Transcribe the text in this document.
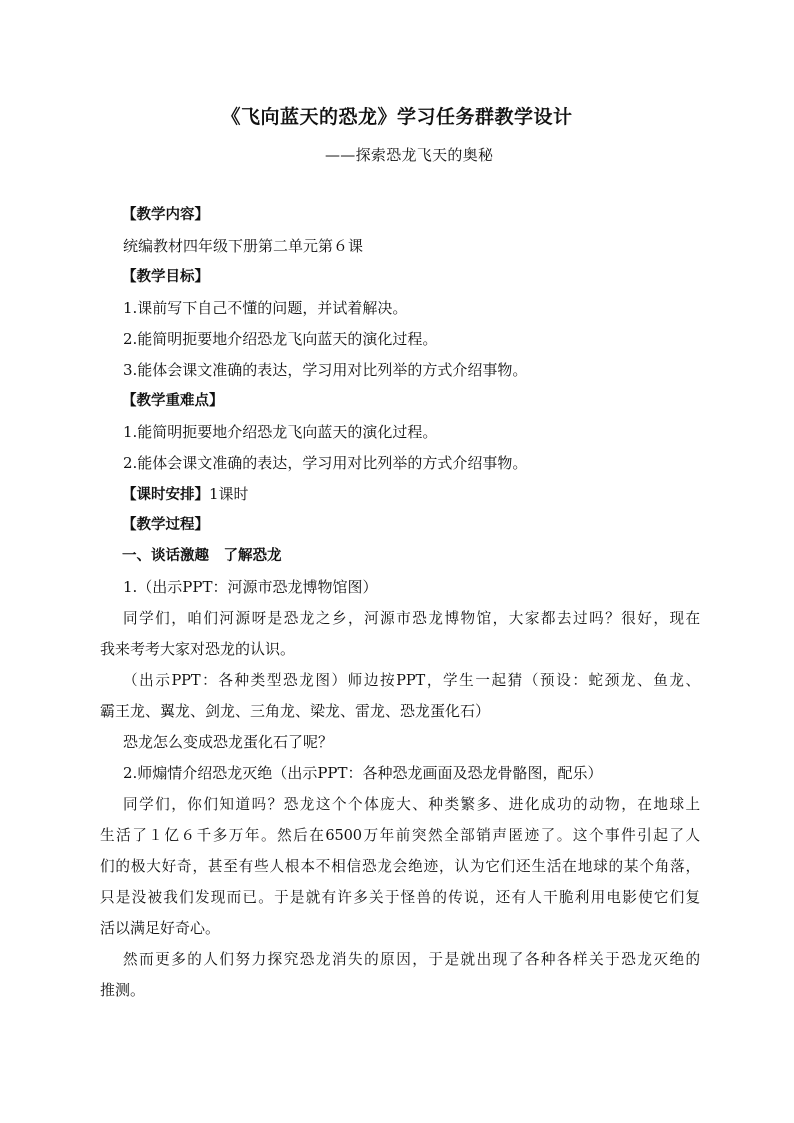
《飞向蓝天的恐龙》学习任务群教学设计
——探索恐龙飞天的奥秘
【教学内容】
统编教材四年级下册第二单元第６课
【教学目标】
1.课前写下自己不懂的问题，并试着解决。
2.能简明扼要地介绍恐龙飞向蓝天的演化过程。
3.能体会课文准确的表达，学习用对比列举的方式介绍事物。
【教学重难点】
1.能简明扼要地介绍恐龙飞向蓝天的演化过程。
2.能体会课文准确的表达，学习用对比列举的方式介绍事物。
【课时安排】1课时
【教学过程】
一、谈话激趣　了解恐龙
1.（出示PPT：河源市恐龙博物馆图）
同学们，咱们河源呀是恐龙之乡，河源市恐龙博物馆，大家都去过吗？很好，现在
我来考考大家对恐龙的认识。
（出示PPT：各种类型恐龙图）师边按PPT，学生一起猜（预设：蛇颈龙、鱼龙、
霸王龙、翼龙、剑龙、三角龙、梁龙、雷龙、恐龙蛋化石）
恐龙怎么变成恐龙蛋化石了呢？
2.师煽情介绍恐龙灭绝（出示PPT：各种恐龙画面及恐龙骨骼图，配乐）
同学们，你们知道吗？恐龙这个个体庞大、种类繁多、进化成功的动物，在地球上
生活了１亿６千多万年。然后在6500万年前突然全部销声匿迹了。这个事件引起了人
们的极大好奇，甚至有些人根本不相信恐龙会绝迹，认为它们还生活在地球的某个角落，
只是没被我们发现而已。于是就有许多关于怪兽的传说，还有人干脆利用电影使它们复
活以满足好奇心。
然而更多的人们努力探究恐龙消失的原因，于是就出现了各种各样关于恐龙灭绝的
推测。
